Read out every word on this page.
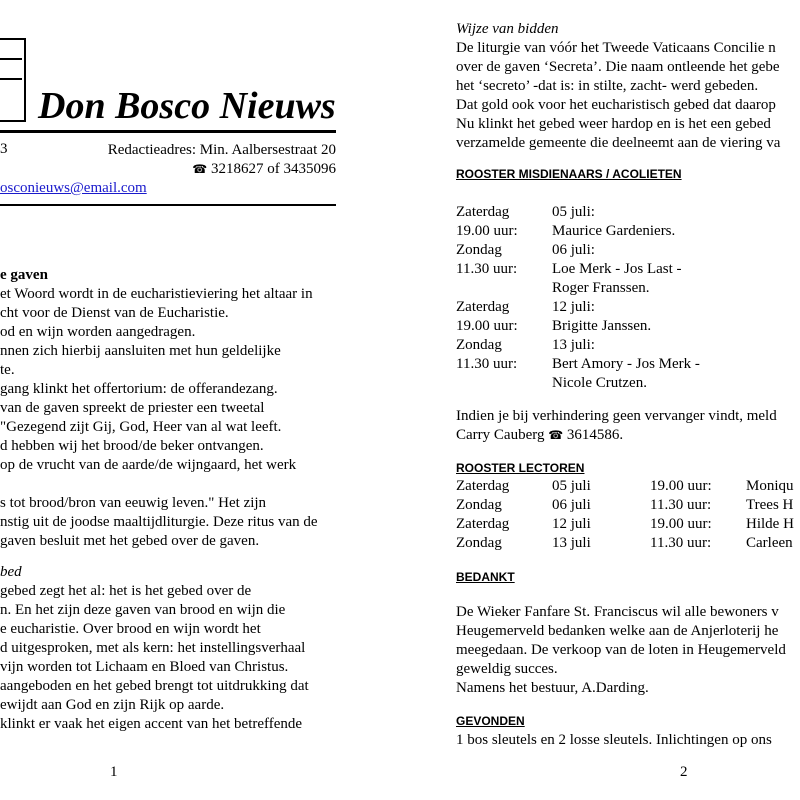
Don Bosco Nieuws
3	Redactieadres: Min. Aalbersestraat 20
☎ 3218627 of 3435096
osconieuws@email.com
e gaven
et Woord wordt in de eucharistieviering het altaar in
cht voor de Dienst van de Eucharistie.
od en wijn worden aangedragen.
nnen zich hierbij aansluiten met hun geldelijke
te.
gang klinkt het offertorium: de offerandezang.
van de gaven spreekt de priester een tweetal
"Gezegend zijt Gij, God, Heer van al wat leeft.
d hebben wij het brood/de beker ontvangen.
op de vrucht van de aarde/de wijngaard, het werk
s tot brood/bron van eeuwig leven." Het zijn
nstig uit de joodse maaltijdliturgie. Deze ritus van de
gaven besluit met het gebed over de gaven.
bed
gebed zegt het al: het is het gebed over de
n. En het zijn deze gaven van brood en wijn die
e eucharistie. Over brood en wijn wordt het
d uitgesproken, met als kern: het instellingsverhaal
vijn worden tot Lichaam en Bloed van Christus.
aangeboden en het gebed brengt tot uitdrukking dat
ewijdt aan God en zijn Rijk op aarde.
klinkt er vaak het eigen accent van het betreffende
1
Wijze van bidden
De liturgie van vóór het Tweede Vaticaans Concilie n
over de gaven ‘Secreta’. Die naam ontleende het gebe
het ‘secreto’ -dat is: in stilte, zacht- werd gebeden.
Dat gold ook voor het eucharistisch gebed dat daarop
Nu klinkt het gebed weer hardop en is het een gebed
verzamelde gemeente die deelneemt aan de viering va
ROOSTER MISDIENAARS / ACOLIETEN
Zaterdag	05 juli:
19.00 uur: Maurice Gardeniers.
Zondag	06 juli:
11.30 uur: Loe Merk - Jos Last -
Roger Franssen.
Zaterdag	12 juli:
19.00 uur: Brigitte Janssen.
Zondag	13 juli:
11.30 uur: Bert Amory - Jos Merk -
Nicole Crutzen.
Indien je bij verhindering geen vervanger vindt, meld
Carry Cauberg ☎ 3614586.
ROOSTER LECTOREN
Zaterdag	05 juli	19.00 uur: Moniqu
Zondag	06 juli	11.30 uur: Trees H
Zaterdag	12 juli	19.00 uur: Hilde H
Zondag	13 juli	11.30 uur: Carleen
BEDANKT
De Wieker Fanfare St. Franciscus wil alle bewoners v
Heugemerveld bedanken welke aan de Anjerloterij he
meegedaan. De verkoop van de loten in Heugemerveld
geweldig succes.
Namens het bestuur, A.Darding.
GEVONDEN
1 bos sleutels en 2 losse sleutels. Inlichtingen op ons
2
